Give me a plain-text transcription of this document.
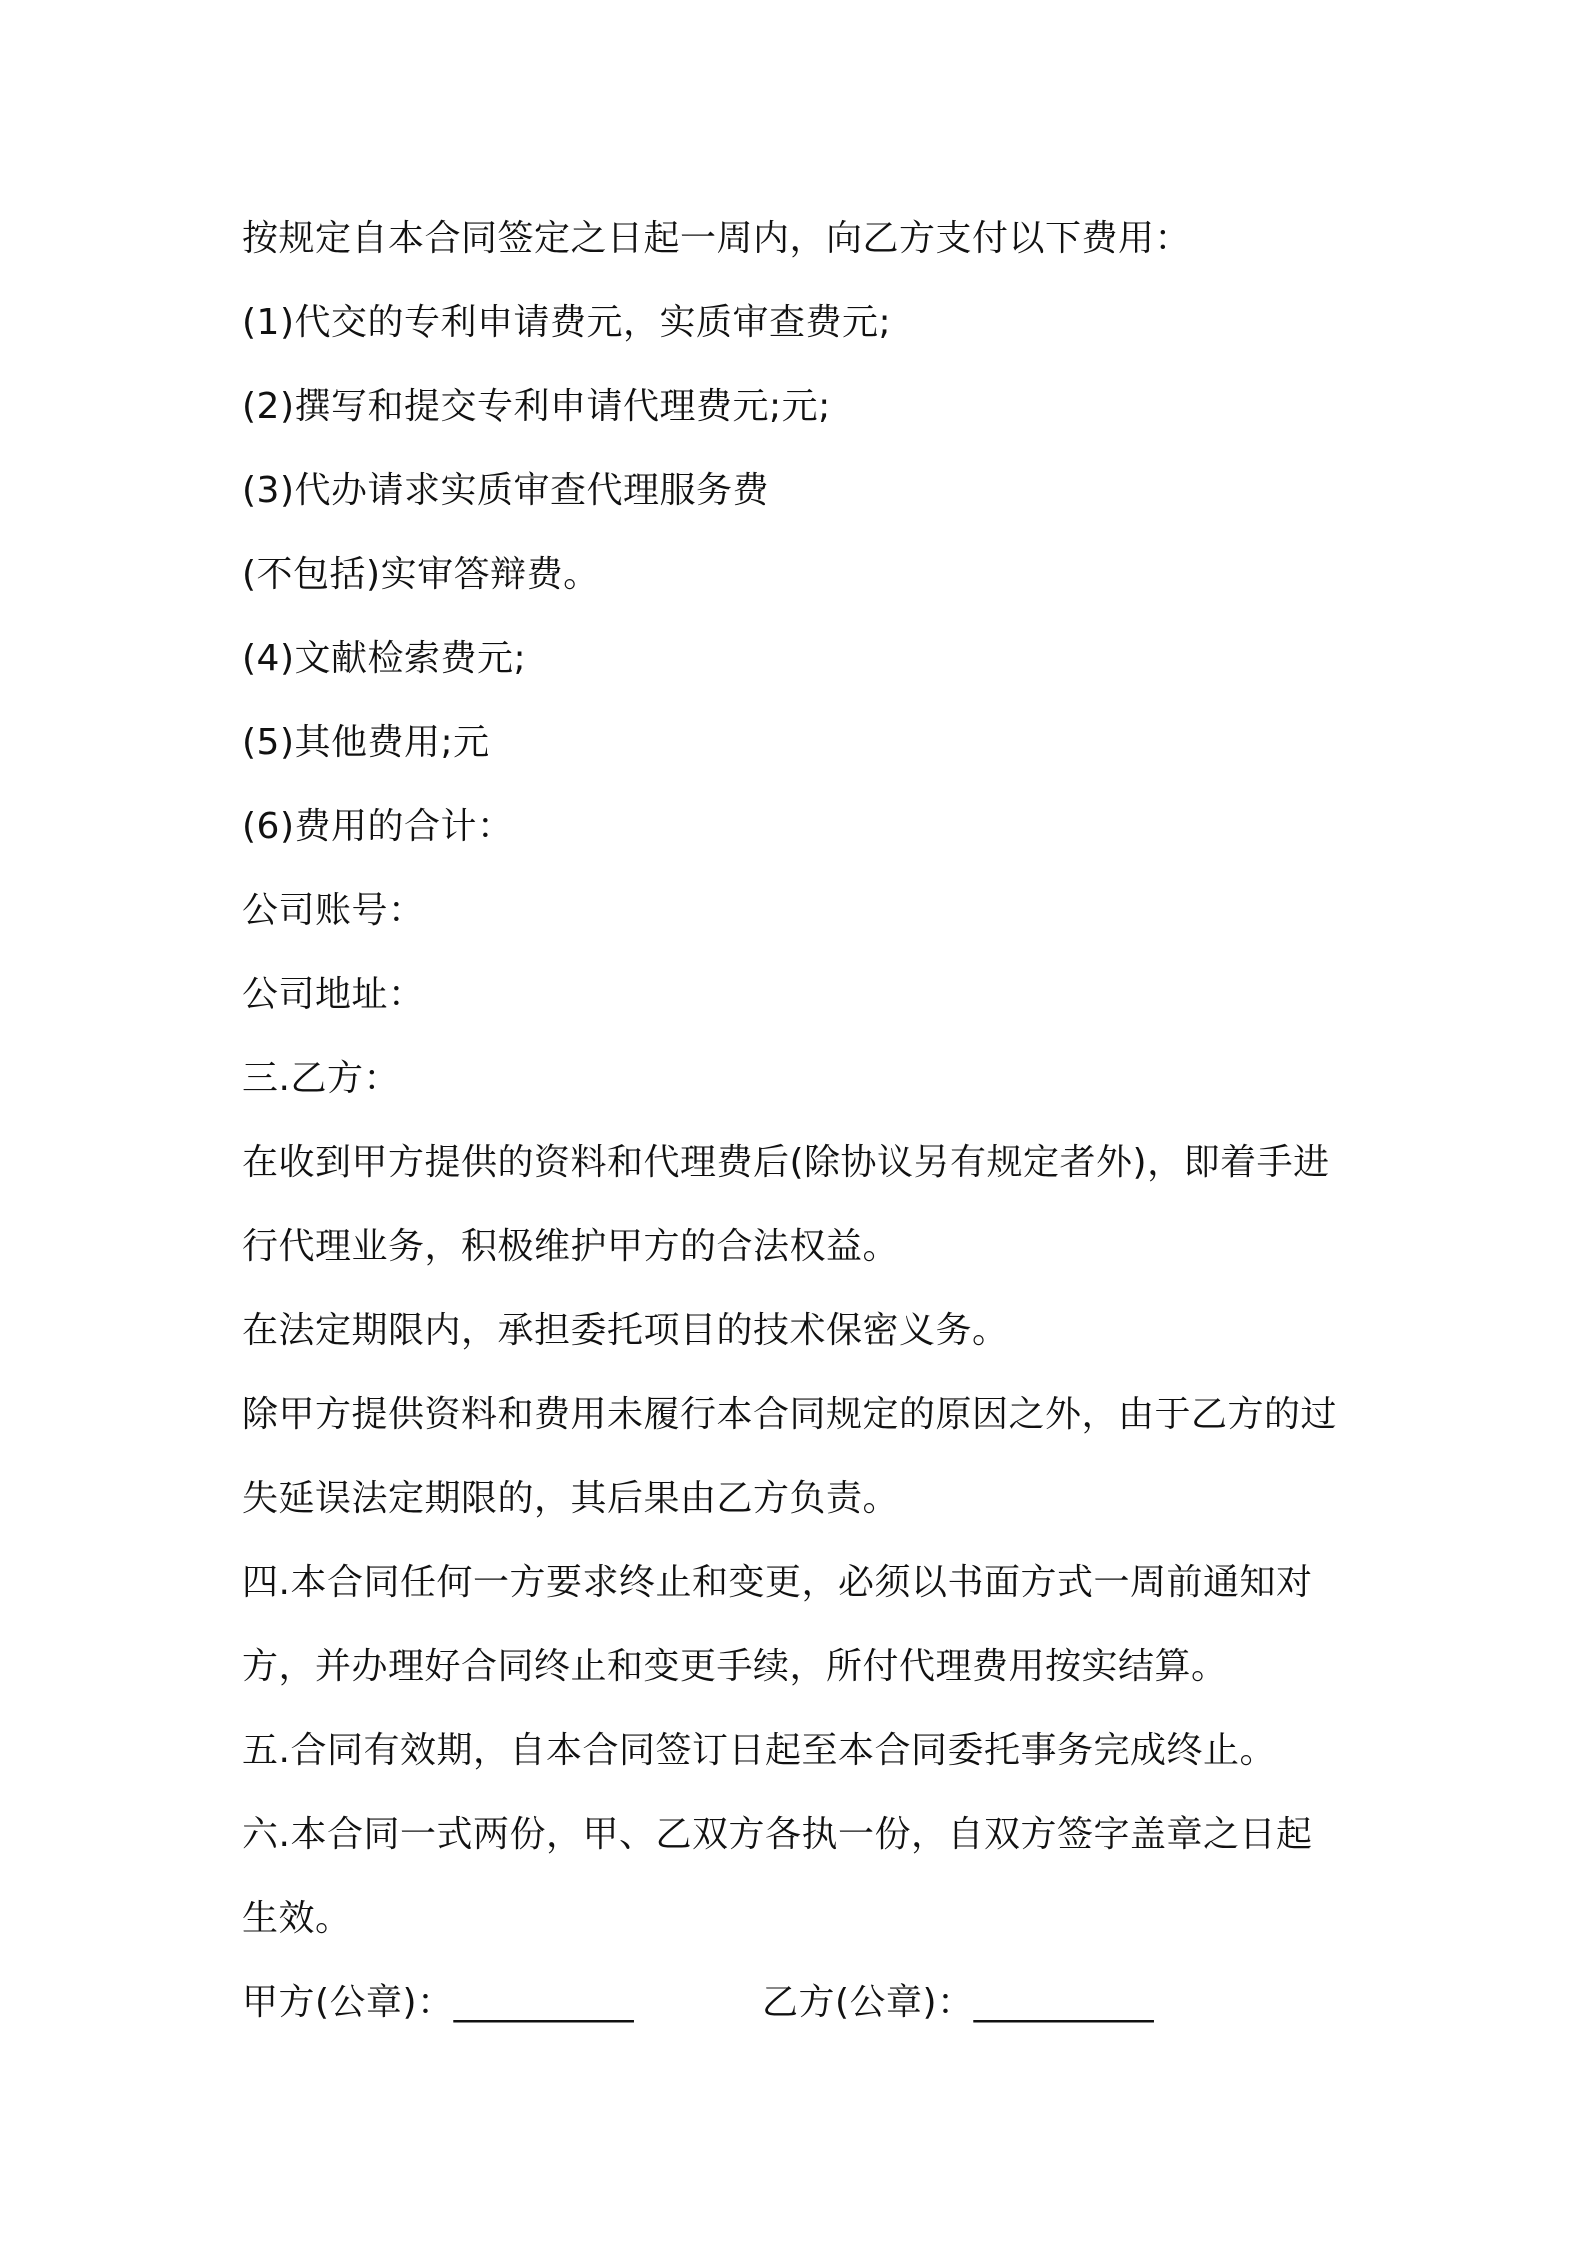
按规定自本合同签定之日起一周内，向乙方支付以下费用：
(1)代交的专利申请费元，实质审查费元;
(2)撰写和提交专利申请代理费元;元;
(3)代办请求实质审查代理服务费
(不包括)实审答辩费。
(4)文献检索费元;
(5)其他费用;元
(6)费用的合计：
公司账号：
公司地址：
三.乙方：
在收到甲方提供的资料和代理费后(除协议另有规定者外)，即着手进
行代理业务，积极维护甲方的合法权益。
在法定期限内，承担委托项目的技术保密义务。
除甲方提供资料和费用未履行本合同规定的原因之外，由于乙方的过
失延误法定期限的，其后果由乙方负责。
四.本合同任何一方要求终止和变更，必须以书面方式一周前通知对
方，并办理好合同终止和变更手续，所付代理费用按实结算。
五.合同有效期，自本合同签订日起至本合同委托事务完成终止。
六.本合同一式两份，甲、乙双方各执一份，自双方签字盖章之日起
生效。
甲方(公章)： __________	乙方(公章)： __________
